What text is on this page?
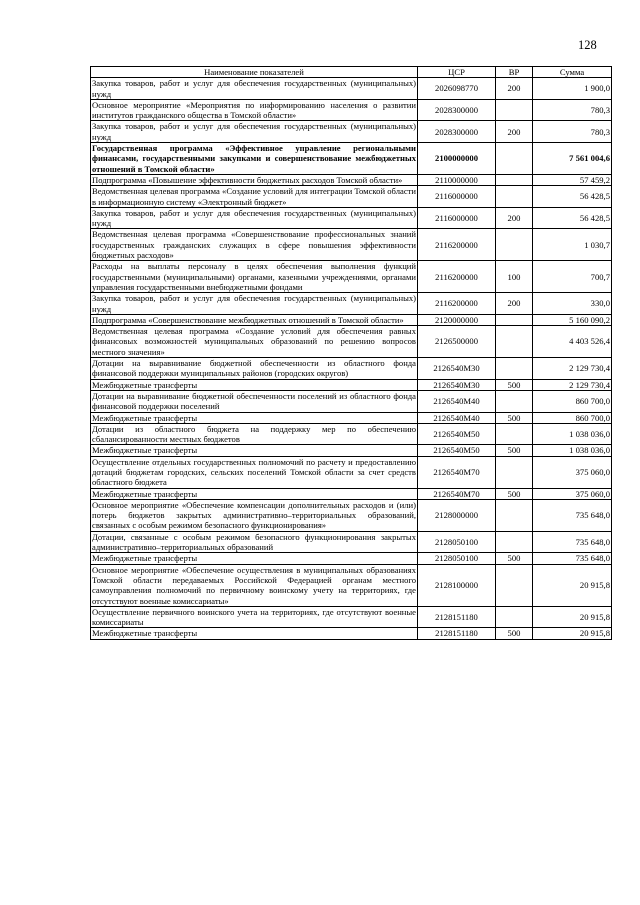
128
Наименование показателей	ЦСР	ВР	Сумма
Закупка товаров, работ и услуг для обеспечения государственных (муниципальных) нужд	2026098770	200	1 900,0
Основное мероприятие «Мероприятия по информированию населения о развитии институтов гражданского общества в Томской области»	2028300000		780,3
Закупка товаров, работ и услуг для обеспечения государственных (муниципальных) нужд	2028300000	200	780,3
Государственная программа «Эффективное управление региональными финансами, государственными закупками и совершенствование межбюджетных отношений в Томской области»	2100000000		7 561 004,6
Подпрограмма «Повышение эффективности бюджетных расходов Томской области»	2110000000		57 459,2
Ведомственная целевая программа «Создание условий для интеграции Томской области в информационную систему «Электронный бюджет»	2116000000		56 428,5
Закупка товаров, работ и услуг для обеспечения государственных (муниципальных) нужд	2116000000	200	56 428,5
Ведомственная целевая программа «Совершенствование профессиональных знаний государственных гражданских служащих в сфере повышения эффективности бюджетных расходов»	2116200000		1 030,7
Расходы на выплаты персоналу в целях обеспечения выполнения функций государственными (муниципальными) органами, казенными учреждениями, органами управления государственными внебюджетными фондами	2116200000	100	700,7
Закупка товаров, работ и услуг для обеспечения государственных (муниципальных) нужд	2116200000	200	330,0
Подпрограмма «Совершенствование межбюджетных отношений в Томской области»	2120000000		5 160 090,2
Ведомственная целевая программа «Создание условий для обеспечения равных финансовых возможностей муниципальных образований по решению вопросов местного значения»	2126500000		4 403 526,4
Дотации на выравнивание бюджетной обеспеченности из областного фонда финансовой поддержки муниципальных районов (городских округов)	2126540М30		2 129 730,4
Межбюджетные трансферты	2126540М30	500	2 129 730,4
Дотации на выравнивание бюджетной обеспеченности поселений из областного фонда финансовой поддержки поселений	2126540М40		860 700,0
Межбюджетные трансферты	2126540М40	500	860 700,0
Дотации из областного бюджета на поддержку мер по обеспечению сбалансированности местных бюджетов	2126540М50		1 038 036,0
Межбюджетные трансферты	2126540М50	500	1 038 036,0
Осуществление отдельных государственных полномочий по расчету и предоставлению дотаций бюджетам городских, сельских поселений Томской области за счет средств областного бюджета	2126540М70		375 060,0
Межбюджетные трансферты	2126540М70	500	375 060,0
Основное мероприятие «Обеспечение компенсации дополнительных расходов и (или) потерь бюджетов закрытых административно–территориальных образований, связанных с особым режимом безопасного функционирования»	2128000000		735 648,0
Дотации, связанные с особым режимом безопасного функционирования закрытых административно–территориальных образований	2128050100		735 648,0
Межбюджетные трансферты	2128050100	500	735 648,0
Основное мероприятие «Обеспечение осуществления в муниципальных образованиях Томской области передаваемых Российской Федерацией органам местного самоуправления полномочий по первичному воинскому учету на территориях, где отсутствуют военные комиссариаты»	2128100000		20 915,8
Осуществление первичного воинского учета на территориях, где отсутствуют военные комиссариаты	2128151180		20 915,8
Межбюджетные трансферты	2128151180	500	20 915,8
